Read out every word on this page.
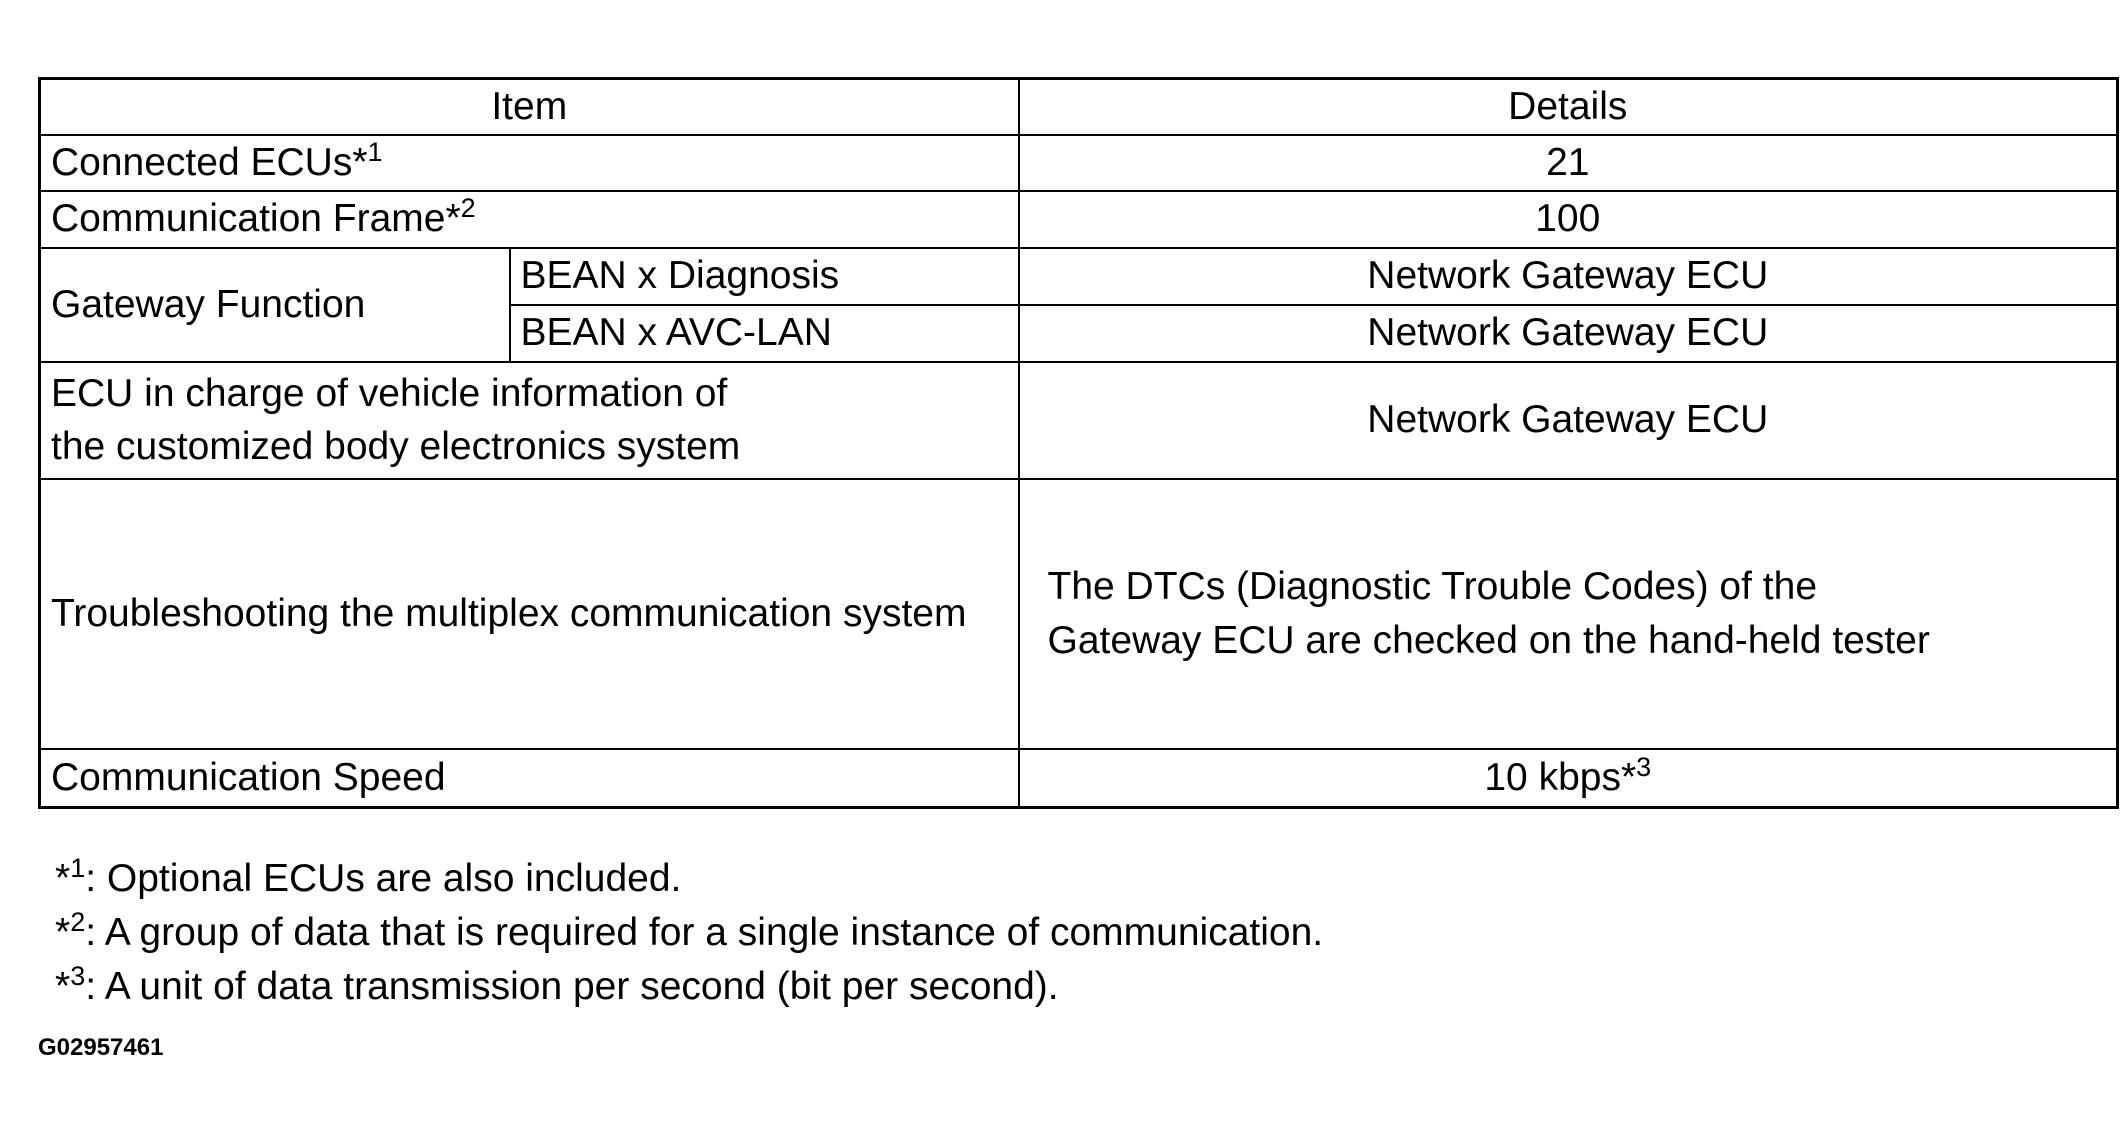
Item		Details
Connected ECUs*$^1$		21
Communication Frame*$^2$		100
Gateway Function	BEAN x Diagnosis	Network Gateway ECU
	BEAN x AVC-LAN	Network Gateway ECU
ECU in charge of vehicle information of
the customized body electronics system		Network Gateway ECU
Troubleshooting the multiplex communication system		The DTCs (Diagnostic Trouble Codes) of the
Gateway ECU are checked on the hand-held tester
Communication Speed		10 kbps*$^3$
*$^1$: Optional ECUs are also included.
*$^2$: A group of data that is required for a single instance of communication.
*$^3$: A unit of data transmission per second (bit per second).
G02957461
